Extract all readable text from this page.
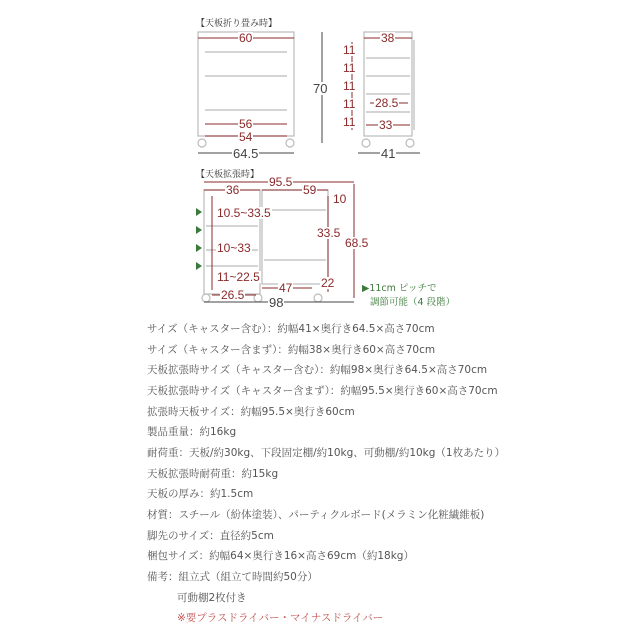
【天板折り畳み時】
60
56
54
64.5
70
38
11
11
11
11
11
28.5
33
41
【天板拡張時】 95.5
36	59
10
10.5~33.5
33.5
68.5
10~33
11~22.5	22
26.5	47
98
▶11cm ピッチで
調節可能（4 段階）
サイズ（キャスター含む）：約幅41×奥行き64.5×高さ70cm
サイズ（キャスター含まず）：約幅38×奥行き60×高さ70cm
天板拡張時サイズ（キャスター含む）：約幅98×奥行き64.5×高さ70cm
天板拡張時サイズ（キャスター含まず）：約幅95.5×奥行き60×高さ70cm
拡張時天板サイズ：約幅95.5×奥行き60cm
製品重量：約16kg
耐荷重：天板/約30kg、下段固定棚/約10kg、可動棚/約10kg（1枚あたり）
天板拡張時耐荷重：約15kg
天板の厚み：約1.5cm
材質：スチール（紛体塗装）、パーティクルボード(メラミン化粧繊維板)
脚先のサイズ：直径約5cm
梱包サイズ：約幅64×奥行き16×高さ69cm（約18kg）
備考：組立式（組立て時間約50分）
可動棚2枚付き
※要プラスドライバー・マイナスドライバー
